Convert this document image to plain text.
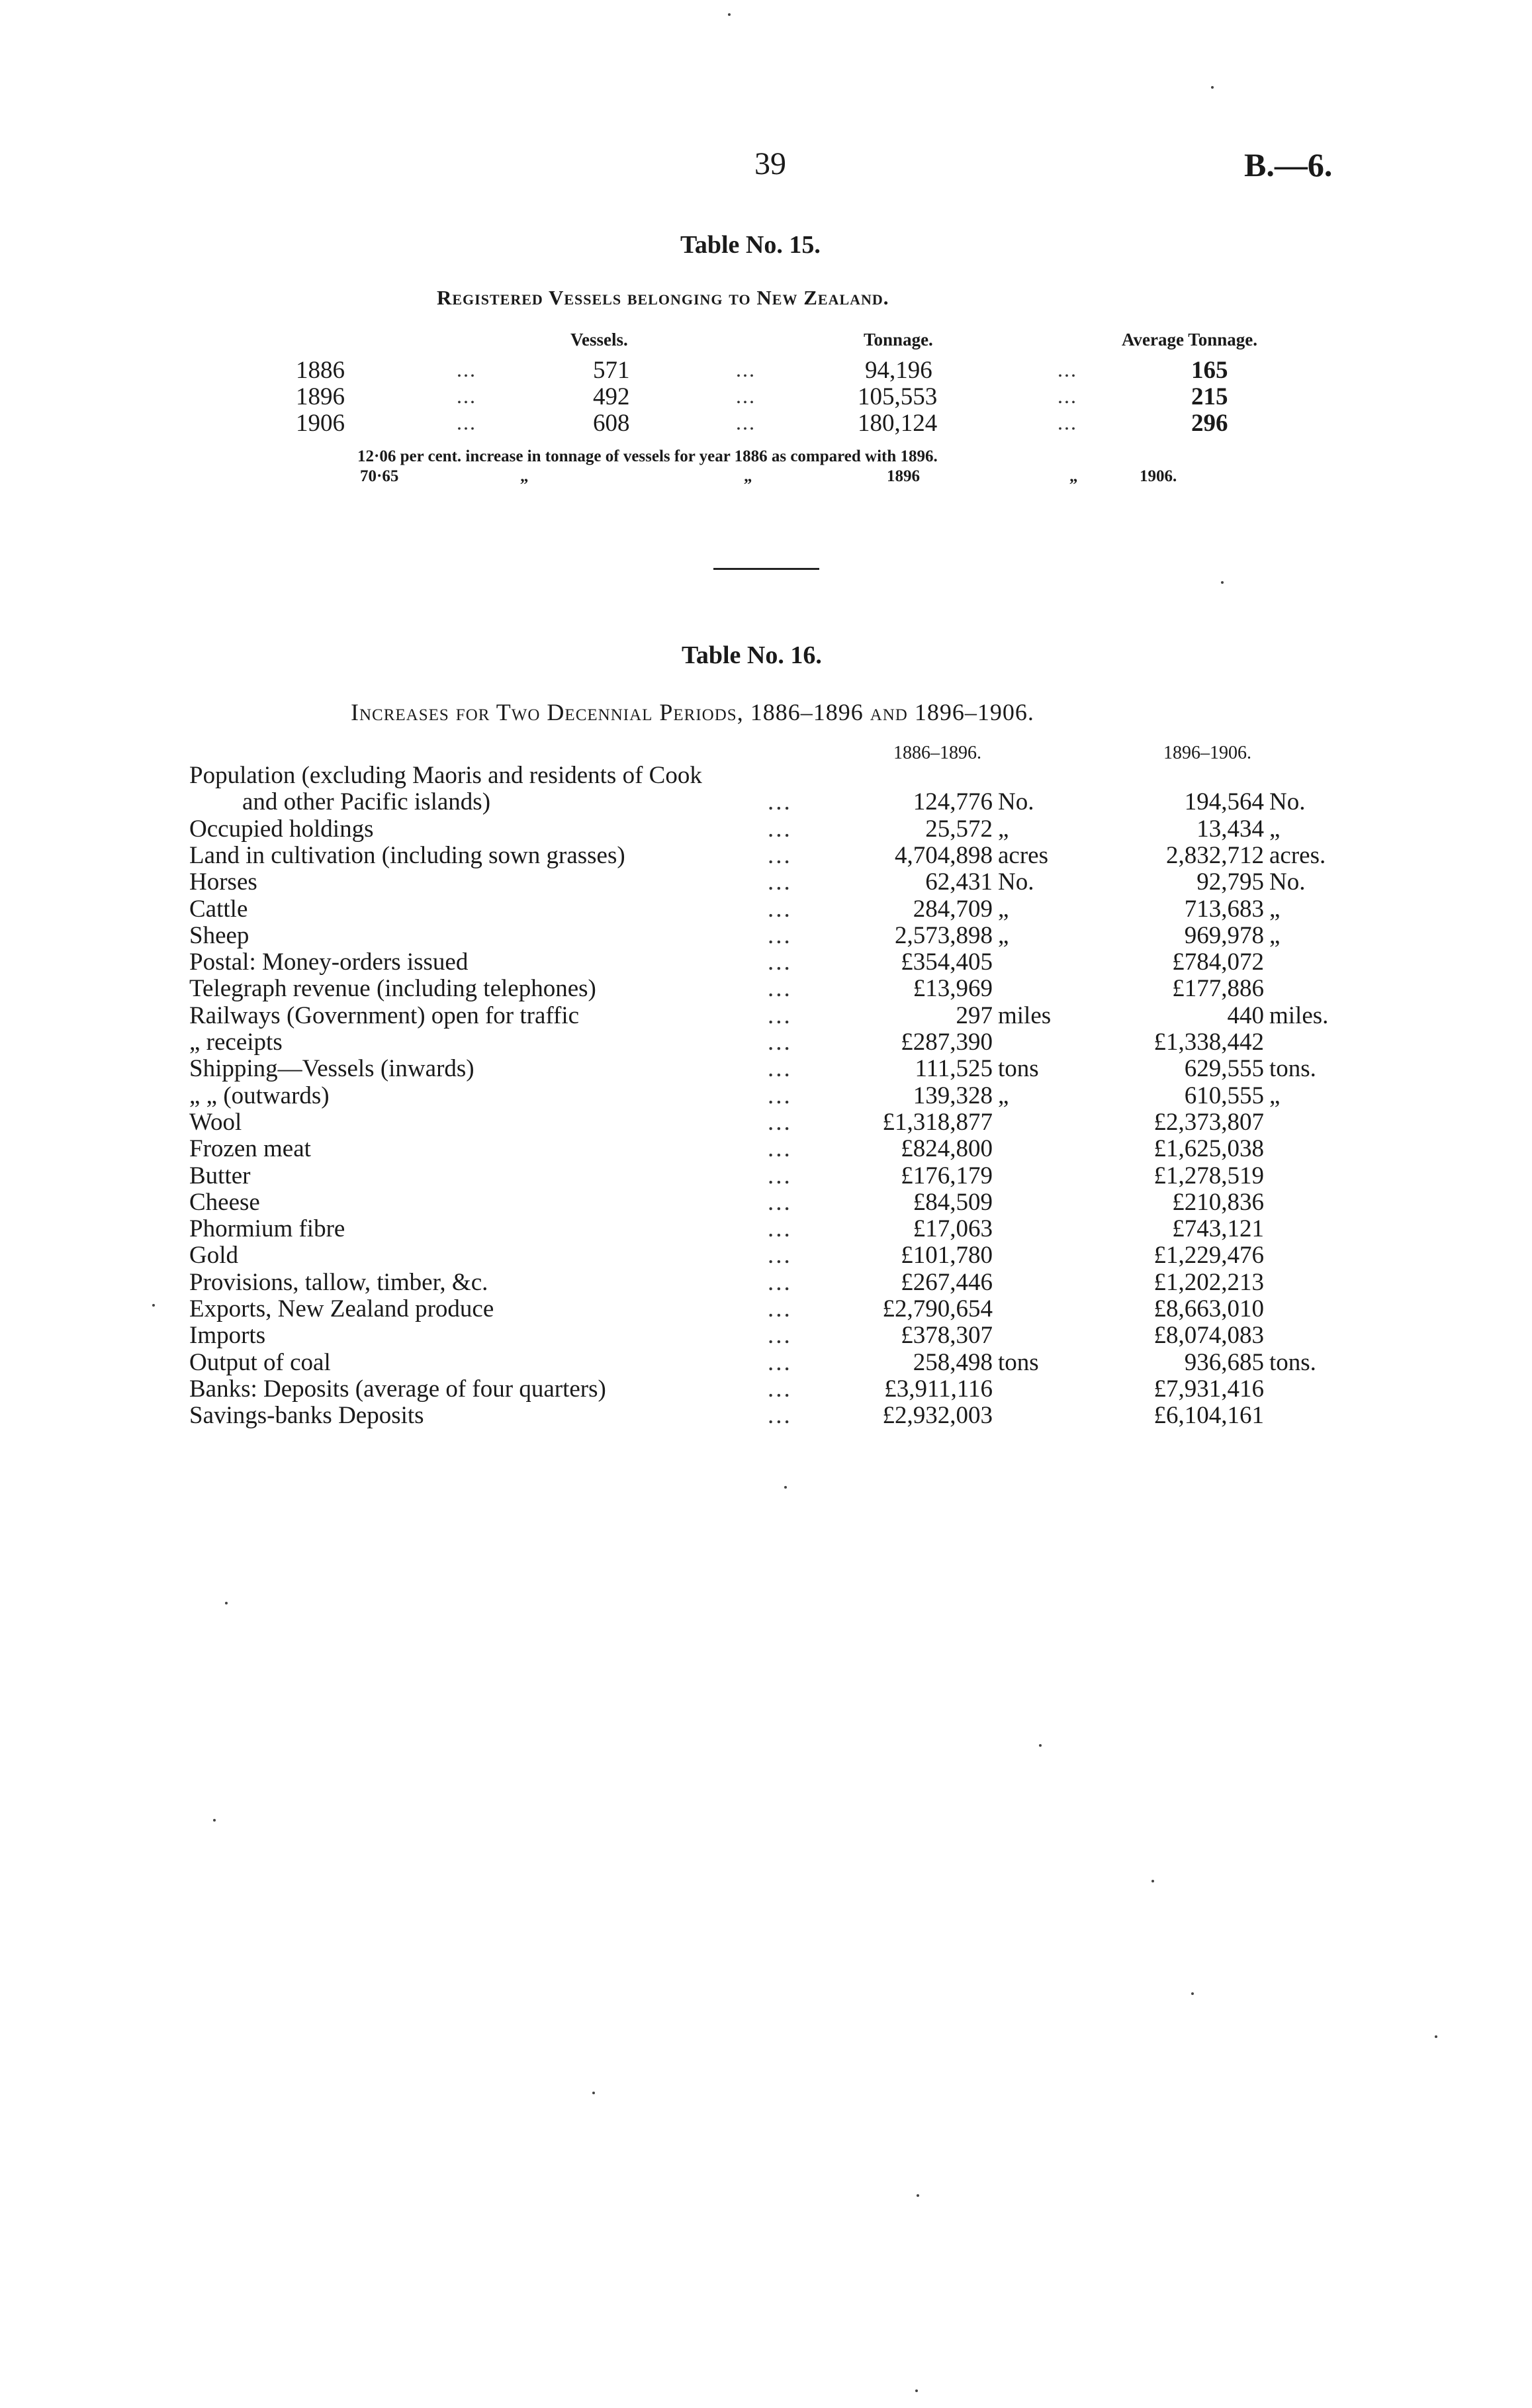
39	B.—6.
Table No. 15.
Registered Vessels belonging to New Zealand.
Vessels.	Tonnage.	Average Tonnage.
1886	...	571	...	94,196	...	165
1896	...	492	...	105,553	...	215
1906	...	608	...	180,124	...	296
12·06 per cent. increase in tonnage of vessels for year 1886 as compared with 1896.
70·65	„	„	1896	„	1906.
Table No. 16.
Increases for Two Decennial Periods, 1886–1896 and 1896–1906.
1886–1896.	1896–1906.
Population (excluding Maoris and residents of Cook
and other Pacific islands)	...	124,776 No.	194,564 No.
Occupied holdings	...	25,572 „	13,434 „
Land in cultivation (including sown grasses)	...	4,704,898 acres	2,832,712 acres.
Horses	...	62,431 No.	92,795 No.
Cattle	...	284,709 „	713,683 „
Sheep	...	2,573,898 „	969,978 „
Postal: Money-orders issued	...	£354,405	£784,072
Telegraph revenue (including telephones)	...	£13,969	£177,886
Railways (Government) open for traffic	...	297 miles	440 miles.
„ receipts	...	£287,390	£1,338,442
Shipping—Vessels (inwards)	...	111,525 tons	629,555 tons.
„ „ (outwards)	...	139,328 „	610,555 „
Wool	...	£1,318,877	£2,373,807
Frozen meat	...	£824,800	£1,625,038
Butter	...	£176,179	£1,278,519
Cheese	...	£84,509	£210,836
Phormium fibre	...	£17,063	£743,121
Gold	...	£101,780	£1,229,476
Provisions, tallow, timber, &c.	...	£267,446	£1,202,213
Exports, New Zealand produce	...	£2,790,654	£8,663,010
Imports	...	£378,307	£8,074,083
Output of coal	...	258,498 tons	936,685 tons.
Banks: Deposits (average of four quarters)	...	£3,911,116	£7,931,416
Savings-banks Deposits	...	£2,932,003	£6,104,161
